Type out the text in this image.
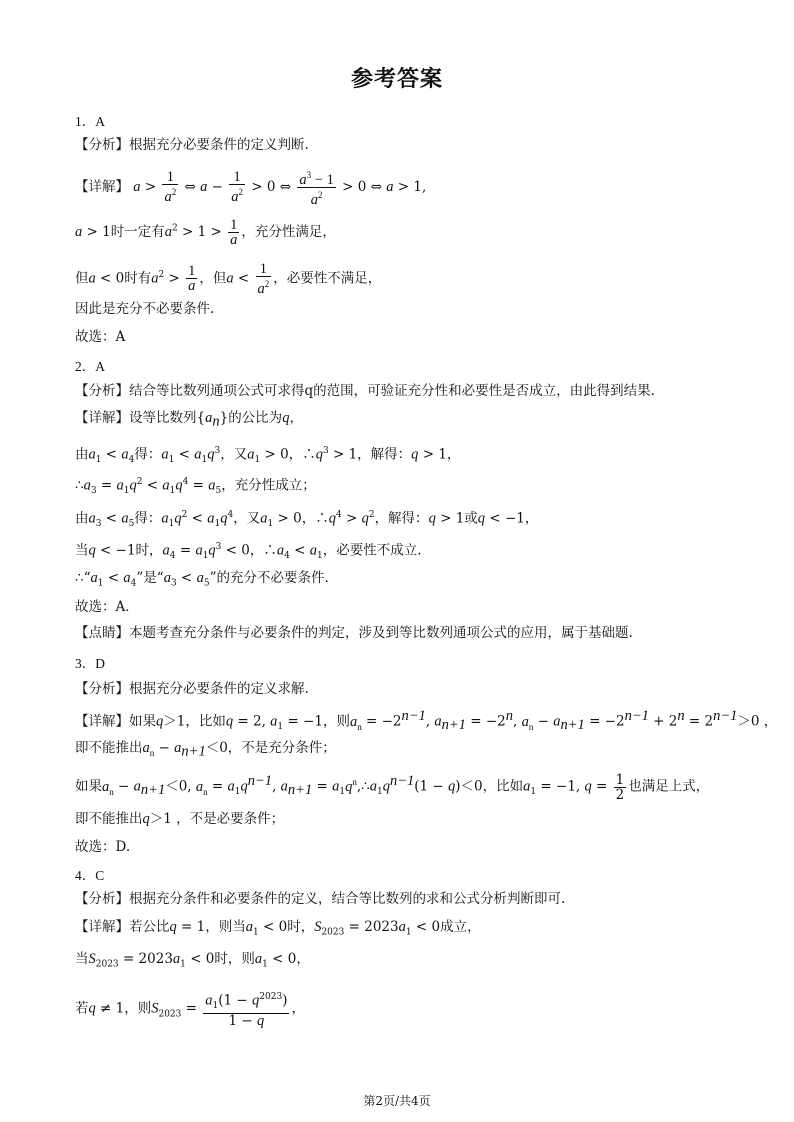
参考答案
1．A
【分析】根据充分必要条件的定义判断.
【详解】 $a > \frac{1}{a^2}$ ⇔ $a - \frac{1}{a^2} > 0$ ⇔ $\frac{a^3 - 1}{a^2} > 0$ ⇔ a > 1,
a > 1时一定有$a^2 > 1 > \frac{1}{a}$ ，充分性满足，
但a < 0时有$a^2 > \frac{1}{a}$ ，但$a < \frac{1}{a^2}$ ，必要性不满足，
因此是充分不必要条件.
故选：A
2．A
【分析】结合等比数列通项公式可求得q的范围，可验证充分性和必要性是否成立，由此得到结果.
【详解】设等比数列$\{a_n\}$的公比为q，
由$a_1 < a_4$得：$a_1 < a_1q^3$，又$a_1 > 0$，$\therefore q^3 > 1$，解得：q > 1，
$\therefore a_3 = a_1q^2 < a_1q^4 = a_5$，充分性成立；
由$a_3 < a_5$得：$a_1q^2 < a_1q^4$，又$a_1 > 0$，$\therefore q^4 > q^2$，解得：q > 1或q < −1，
当q < −1时，$a_4 = a_1q^3 < 0$，$\therefore a_4 < a_1$，必要性不成立.
$\therefore“a_1 < a_4$”是“$a_3 < a_5$”的充分不必要条件.
故选：A．
【点睛】本题考查充分条件与必要条件的判定，涉及到等比数列通项公式的应用，属于基础题.
3．D
【分析】根据充分必要条件的定义求解.
【详解】如果q＞1，比如q = 2, $a_1 = -1$，则$a_n = -2^{n-1}$, $a_{n+1} = -2^n$, $a_n - a_{n+1} = -2^{n-1} + 2^n = 2^{n-1}>0$ ，
即不能推出$a_n - a_{n+1}<0$，不是充分条件；
如果$a_n - a_{n+1}<0$, $a_n = a_1q^{n-1}$, $a_{n+1}$ = $a_1q^n,\therefore a_1q^{n-1}(1 - q)<0$，比如$a_1 = -1$, $q = \frac{1}{2}$ 也满足上式，
即不能推出q＞1 ，不是必要条件；
故选：D.
4．C
【分析】根据充分条件和必要条件的定义，结合等比数列的求和公式分析判断即可.
【详解】若公比q = 1，则当$a_1 < 0$时，$S_{2023} = 2023a_1 < 0$成立，
当$S_{2023} = 2023a_1 < 0$时，则$a_1 < 0$，
若q ≠ 1，则$S_{2023} = \frac{a_1(1 - q^{2023})}{1 - q}$ ，
第2页/共4页
